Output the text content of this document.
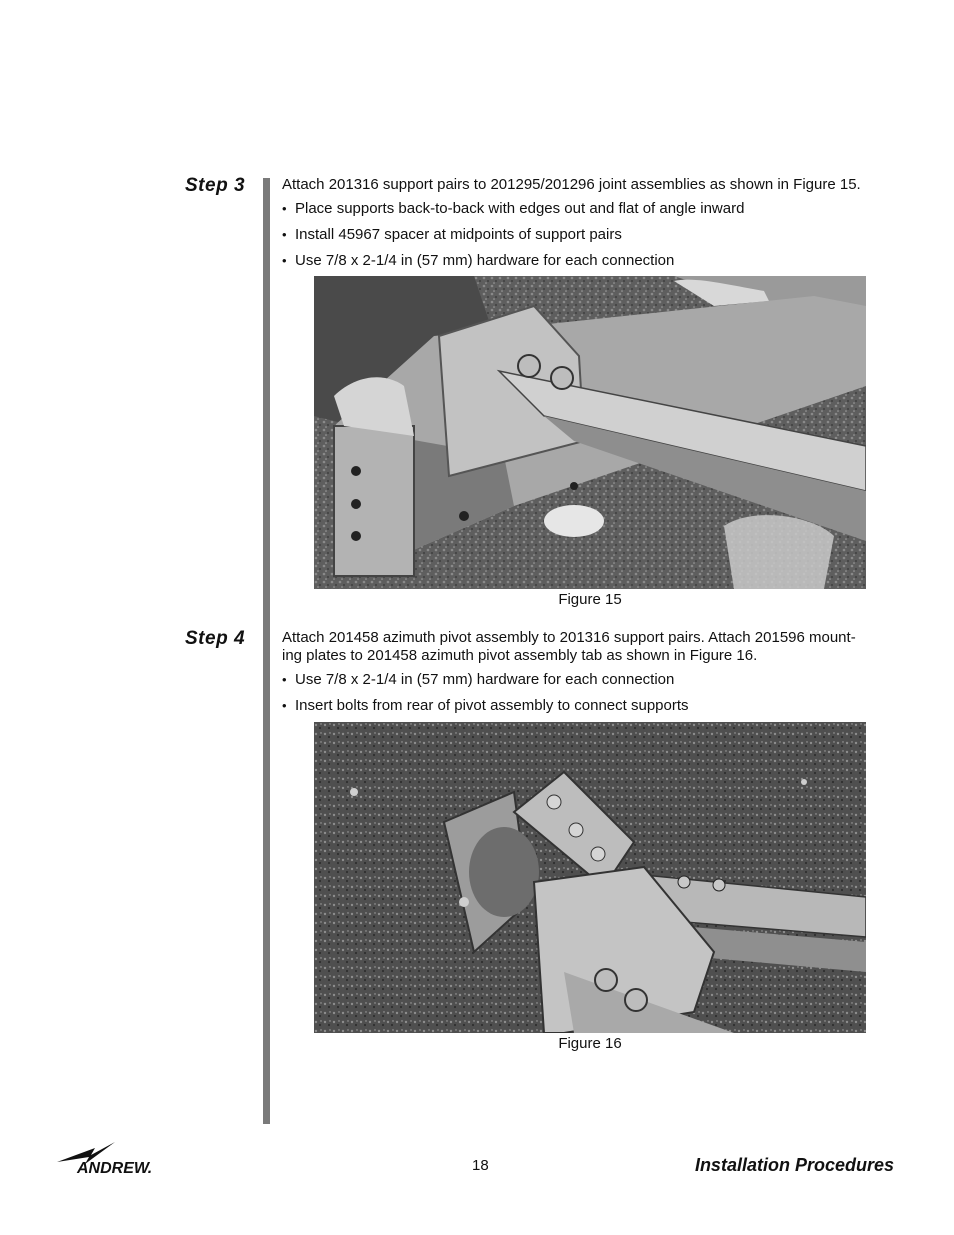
Step 3 Attach 201316 support pairs to 201295/201296 joint assemblies as shown in Figure 15.
• Place supports back-to-back with edges out and flat of angle inward
• Install 45967 spacer at midpoints of support pairs
• Use 7/8 x 2-1/4 in (57 mm) hardware for each connection
Figure 15
Step 4 Attach 201458 azimuth pivot assembly to 201316 support pairs. Attach 201596 mount-
ing plates to 201458 azimuth pivot assembly tab as shown in Figure 16.
• Use 7/8 x 2-1/4 in (57 mm) hardware for each connection
• Insert bolts from rear of pivot assembly to connect supports
Figure 16
ANDREW.	18	Installation Procedures
